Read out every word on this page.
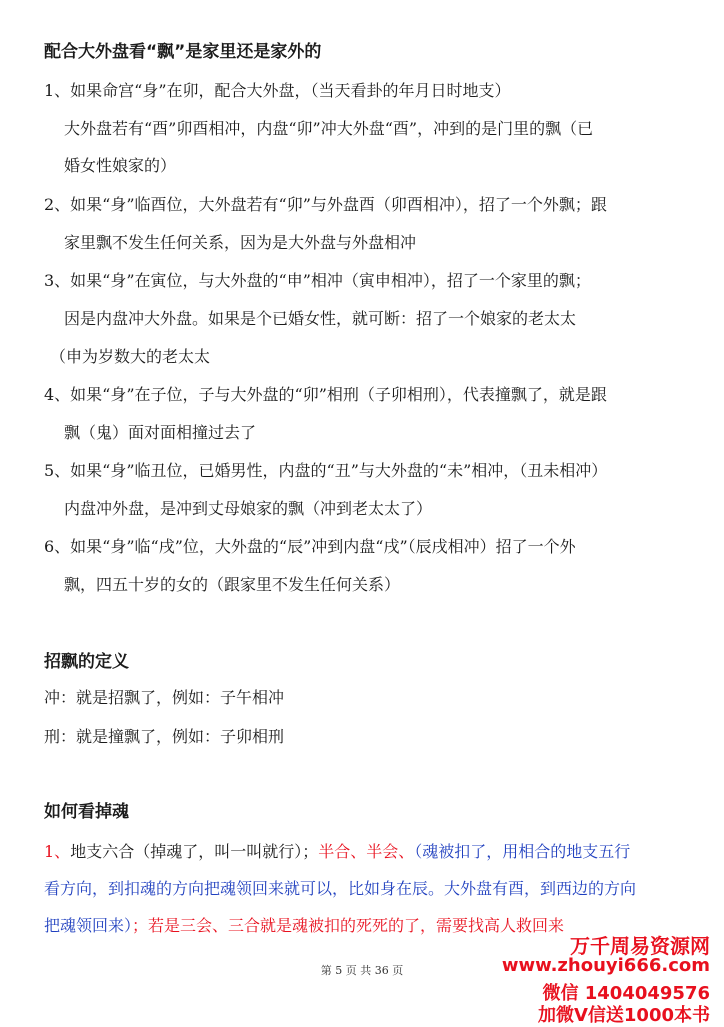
配合大外盘看“飘”是家里还是家外的
1、如果命宫“身”在卯，配合大外盘，（当天看卦的年月日时地支）
大外盘若有“酉”卯酉相冲，内盘“卯”冲大外盘“酉”，冲到的是门里的飘（已
婚女性娘家的）
2、如果“身”临酉位，大外盘若有“卯”与外盘酉（卯酉相冲），招了一个外飘；跟
家里飘不发生任何关系，因为是大外盘与外盘相冲
3、如果“身”在寅位，与大外盘的“申”相冲（寅申相冲），招了一个家里的飘；
因是内盘冲大外盘。如果是个已婚女性，就可断：招了一个娘家的老太太
（申为岁数大的老太太
4、如果“身”在子位，子与大外盘的“卯”相刑（子卯相刑），代表撞飘了，就是跟
飘（鬼）面对面相撞过去了
5、如果“身”临丑位，已婚男性，内盘的“丑”与大外盘的“未”相冲，（丑未相冲）
内盘冲外盘，是冲到丈母娘家的飘（冲到老太太了）
6、如果“身”临“戌”位，大外盘的“辰”冲到内盘“戌”（辰戌相冲）招了一个外
飘，四五十岁的女的（跟家里不发生任何关系）
招飘的定义
冲：就是招飘了，例如：子午相冲
刑：就是撞飘了，例如：子卯相刑
如何看掉魂
1、地支六合（掉魂了，叫一叫就行）；半合、半会、（魂被扣了，用相合的地支五行
看方向，到扣魂的方向把魂领回来就可以，比如身在辰。大外盘有酉，到西边的方向
把魂领回来）；若是三会、三合就是魂被扣的死死的了，需要找高人救回来
第 5 页 共 36 页
万千周易资源网
www.zhouyi666.com
微信 1404049576
加微V信送1000本书
